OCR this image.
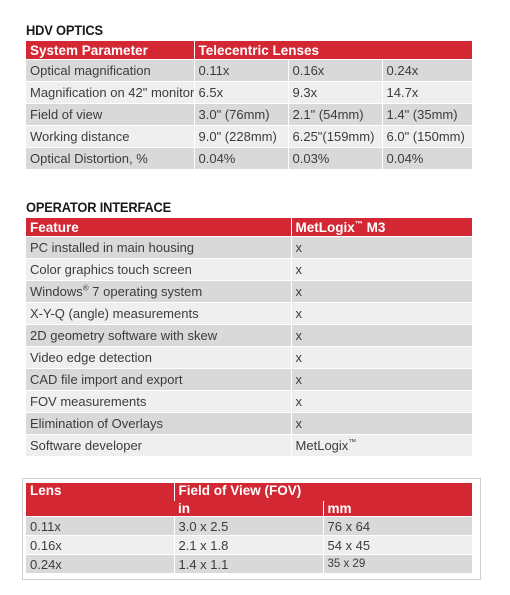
HDV OPTICS
System Parameter	Telecentric Lenses		
Optical magnification	0.11x	0.16x	0.24x
Magnification on 42" monitor	6.5x	9.3x	14.7x
Field of view	3.0" (76mm)	2.1" (54mm)	1.4" (35mm)
Working distance	9.0" (228mm)	6.25"(159mm)	6.0" (150mm)
Optical Distortion, %	0.04%	0.03%	0.04%
OPERATOR INTERFACE
Feature	MetLogix™ M3
PC installed in main housing	x
Color graphics touch screen	x
Windows® 7 operating system	x
X-Y-Q (angle) measurements	x
2D geometry software with skew	x
Video edge detection	x
CAD file import and export	x
FOV measurements	x
Elimination of Overlays	x
Software developer	MetLogix™
Lens	Field of View (FOV)	
	in	mm
0.11x	3.0 x 2.5	76 x 64
0.16x	2.1 x 1.8	54 x 45
0.24x	1.4 x 1.1	35 x 29
